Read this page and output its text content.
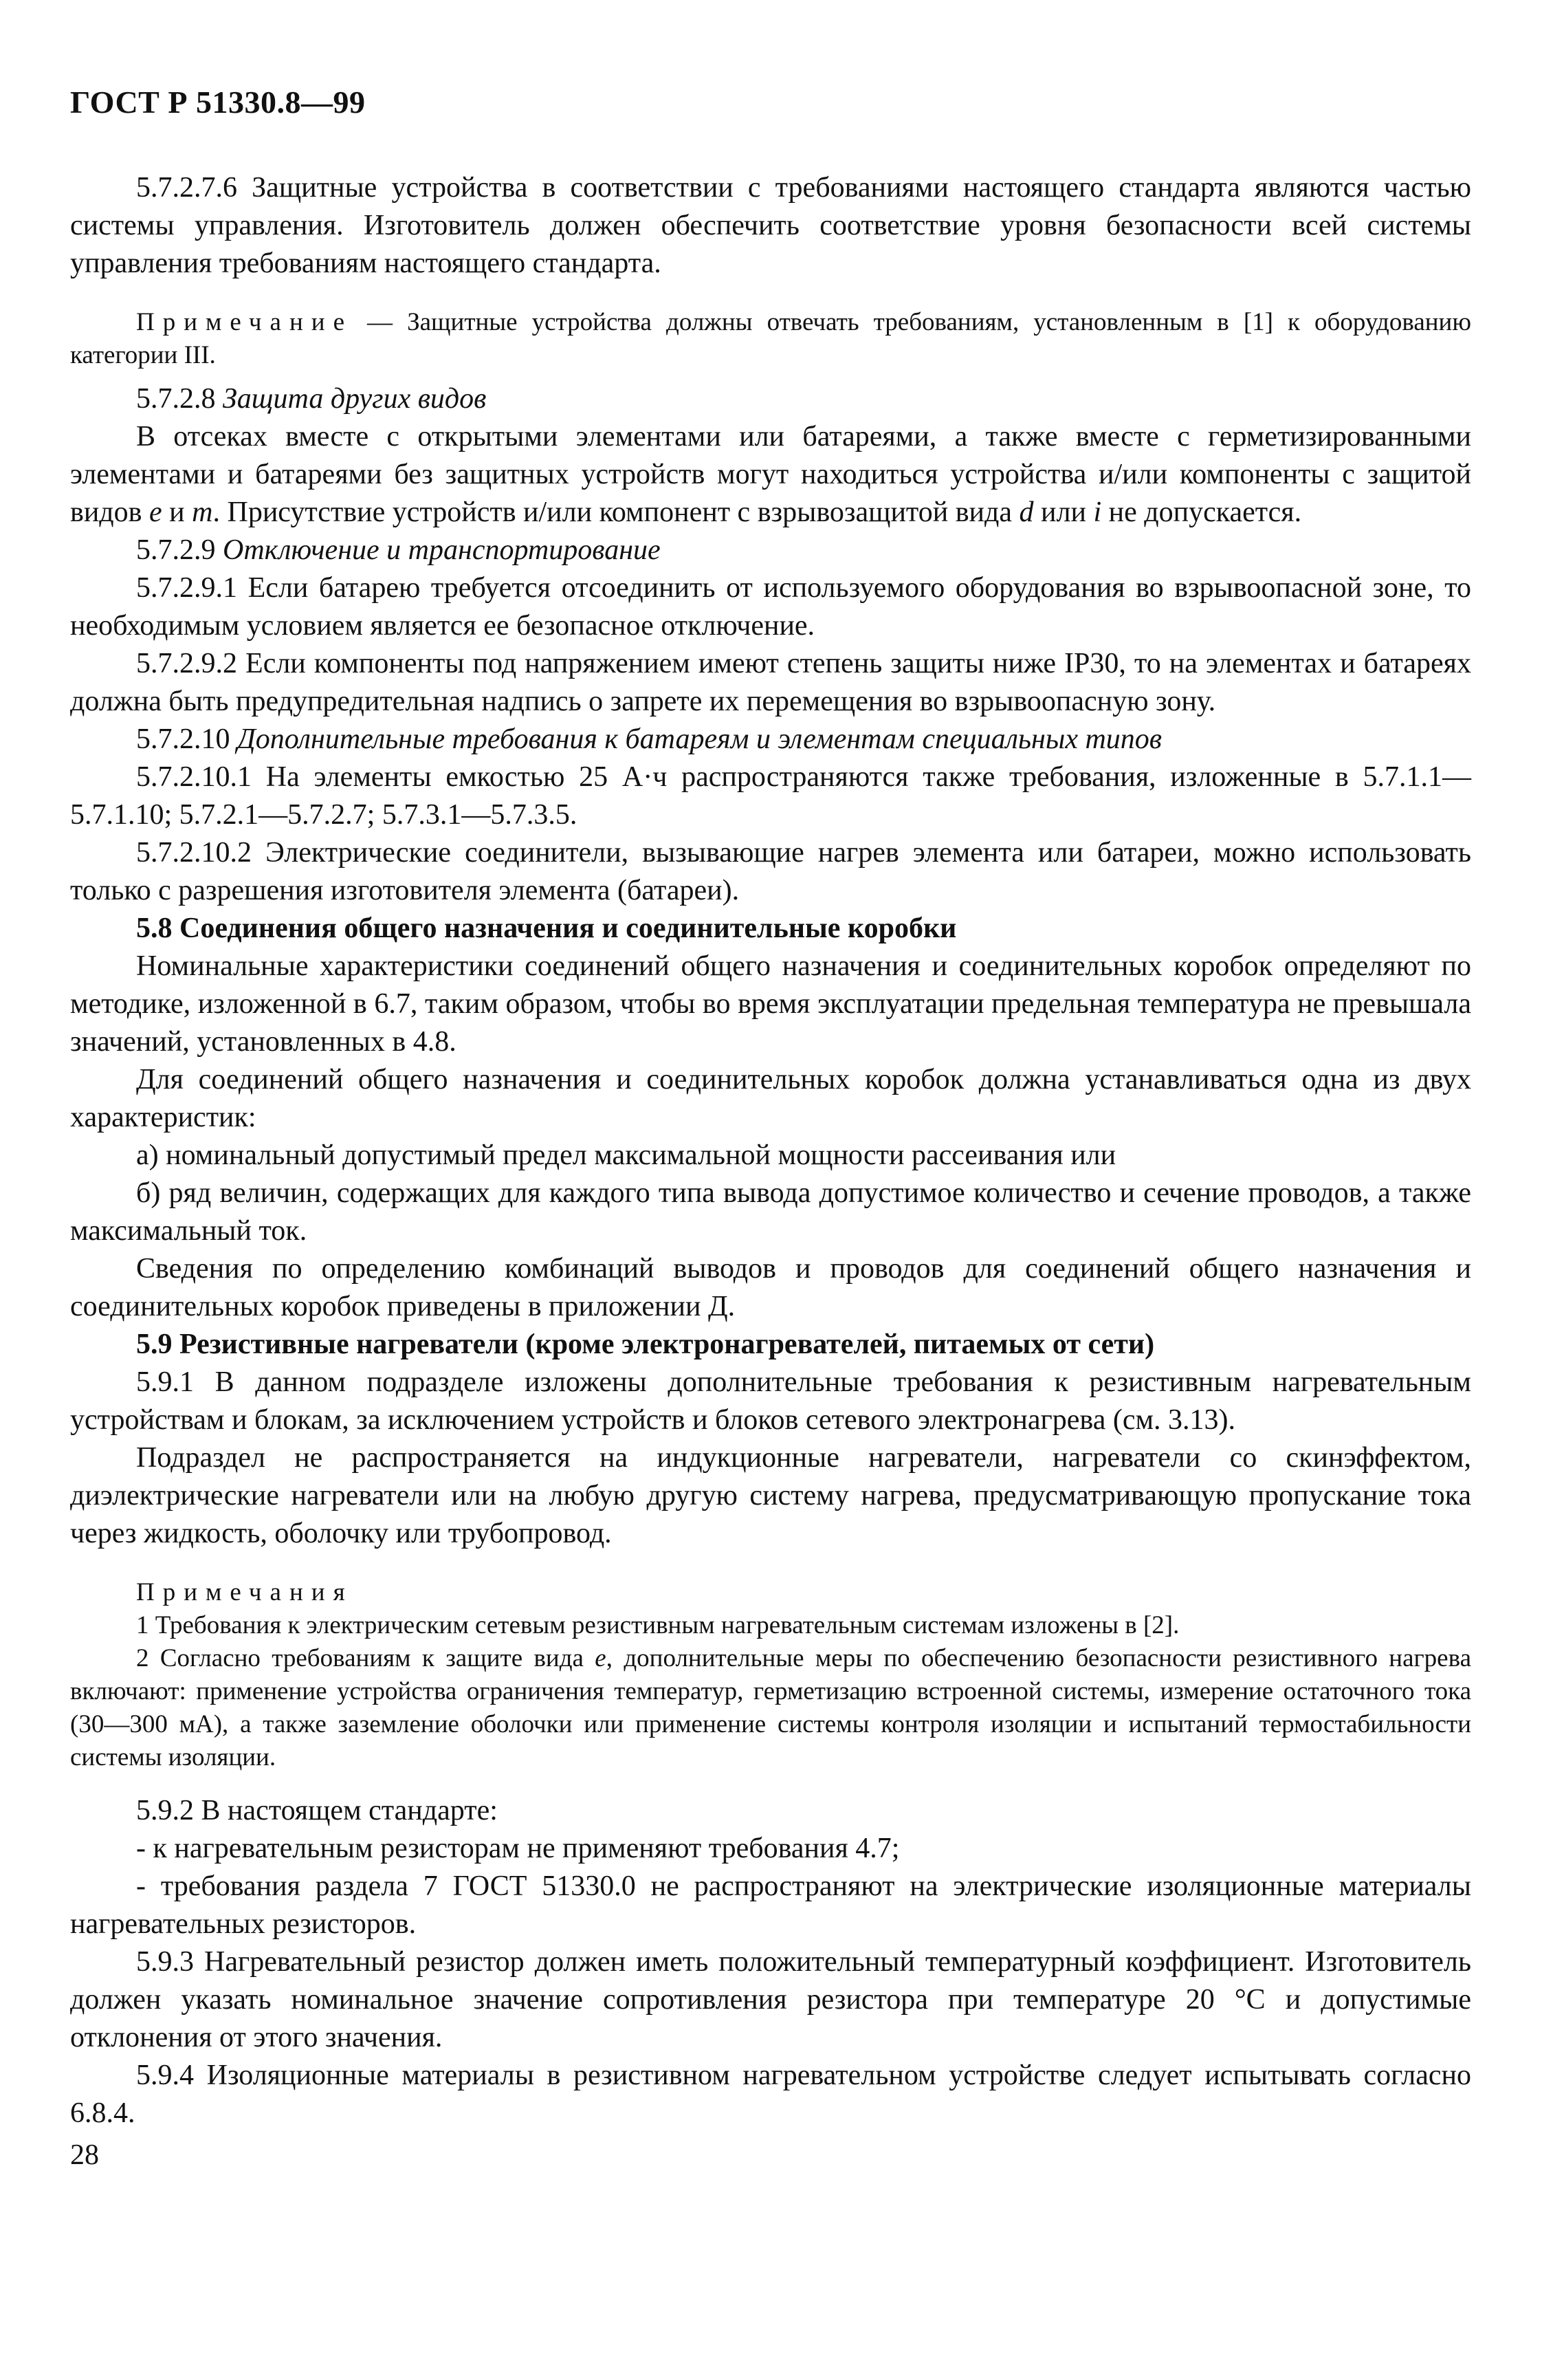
ГОСТ Р 51330.8—99

5.7.2.7.6 Защитные устройства в соответствии с требованиями настоящего стандарта являются частью системы управления. Изготовитель должен обеспечить соответствие уровня безопасности всей системы управления требованиям настоящего стандарта.

Примечание — Защитные устройства должны отвечать требованиям, установленным в [1] к оборудованию категории III.

5.7.2.8 Защита других видов

В отсеках вместе с открытыми элементами или батареями, а также вместе с герметизированными элементами и батареями без защитных устройств могут находиться устройства и/или компоненты с защитой видов е и т. Присутствие устройств и/или компонент с взрывозащитой вида d или i не допускается.

5.7.2.9 Отключение и транспортирование

5.7.2.9.1 Если батарею требуется отсоединить от используемого оборудования во взрывоопасной зоне, то необходимым условием является ее безопасное отключение.

5.7.2.9.2 Если компоненты под напряжением имеют степень защиты ниже IP30, то на элементах и батареях должна быть предупредительная надпись о запрете их перемещения во взрывоопасную зону.

5.7.2.10 Дополнительные требования к батареям и элементам специальных типов

5.7.2.10.1 На элементы емкостью 25 А·ч распространяются также требования, изложенные в 5.7.1.1—5.7.1.10; 5.7.2.1—5.7.2.7; 5.7.3.1—5.7.3.5.

5.7.2.10.2 Электрические соединители, вызывающие нагрев элемента или батареи, можно использовать только с разрешения изготовителя элемента (батареи).

5.8 Соединения общего назначения и соединительные коробки

Номинальные характеристики соединений общего назначения и соединительных коробок определяют по методике, изложенной в 6.7, таким образом, чтобы во время эксплуатации предельная температура не превышала значений, установленных в 4.8.

Для соединений общего назначения и соединительных коробок должна устанавливаться одна из двух характеристик:

а) номинальный допустимый предел максимальной мощности рассеивания или

б) ряд величин, содержащих для каждого типа вывода допустимое количество и сечение проводов, а также максимальный ток.

Сведения по определению комбинаций выводов и проводов для соединений общего назначения и соединительных коробок приведены в приложении Д.

5.9 Резистивные нагреватели (кроме электронагревателей, питаемых от сети)

5.9.1 В данном подразделе изложены дополнительные требования к резистивным нагревательным устройствам и блокам, за исключением устройств и блоков сетевого электронагрева (см. 3.13).

Подраздел не распространяется на индукционные нагреватели, нагреватели со скинэффектом, диэлектрические нагреватели или на любую другую систему нагрева, предусматривающую пропускание тока через жидкость, оболочку или трубопровод.

Примечания

1 Требования к электрическим сетевым резистивным нагревательным системам изложены в [2].

2 Согласно требованиям к защите вида е, дополнительные меры по обеспечению безопасности резистивного нагрева включают: применение устройства ограничения температур, герметизацию встроенной системы, измерение остаточного тока (30—300 мА), а также заземление оболочки или применение системы контроля изоляции и испытаний термостабильности системы изоляции.

5.9.2 В настоящем стандарте:

- к нагревательным резисторам не применяют требования 4.7;

- требования раздела 7 ГОСТ 51330.0 не распространяют на электрические изоляционные материалы нагревательных резисторов.

5.9.3 Нагревательный резистор должен иметь положительный температурный коэффициент. Изготовитель должен указать номинальное значение сопротивления резистора при температуре 20 °С и допустимые отклонения от этого значения.

5.9.4 Изоляционные материалы в резистивном нагревательном устройстве следует испытывать согласно 6.8.4.

28
